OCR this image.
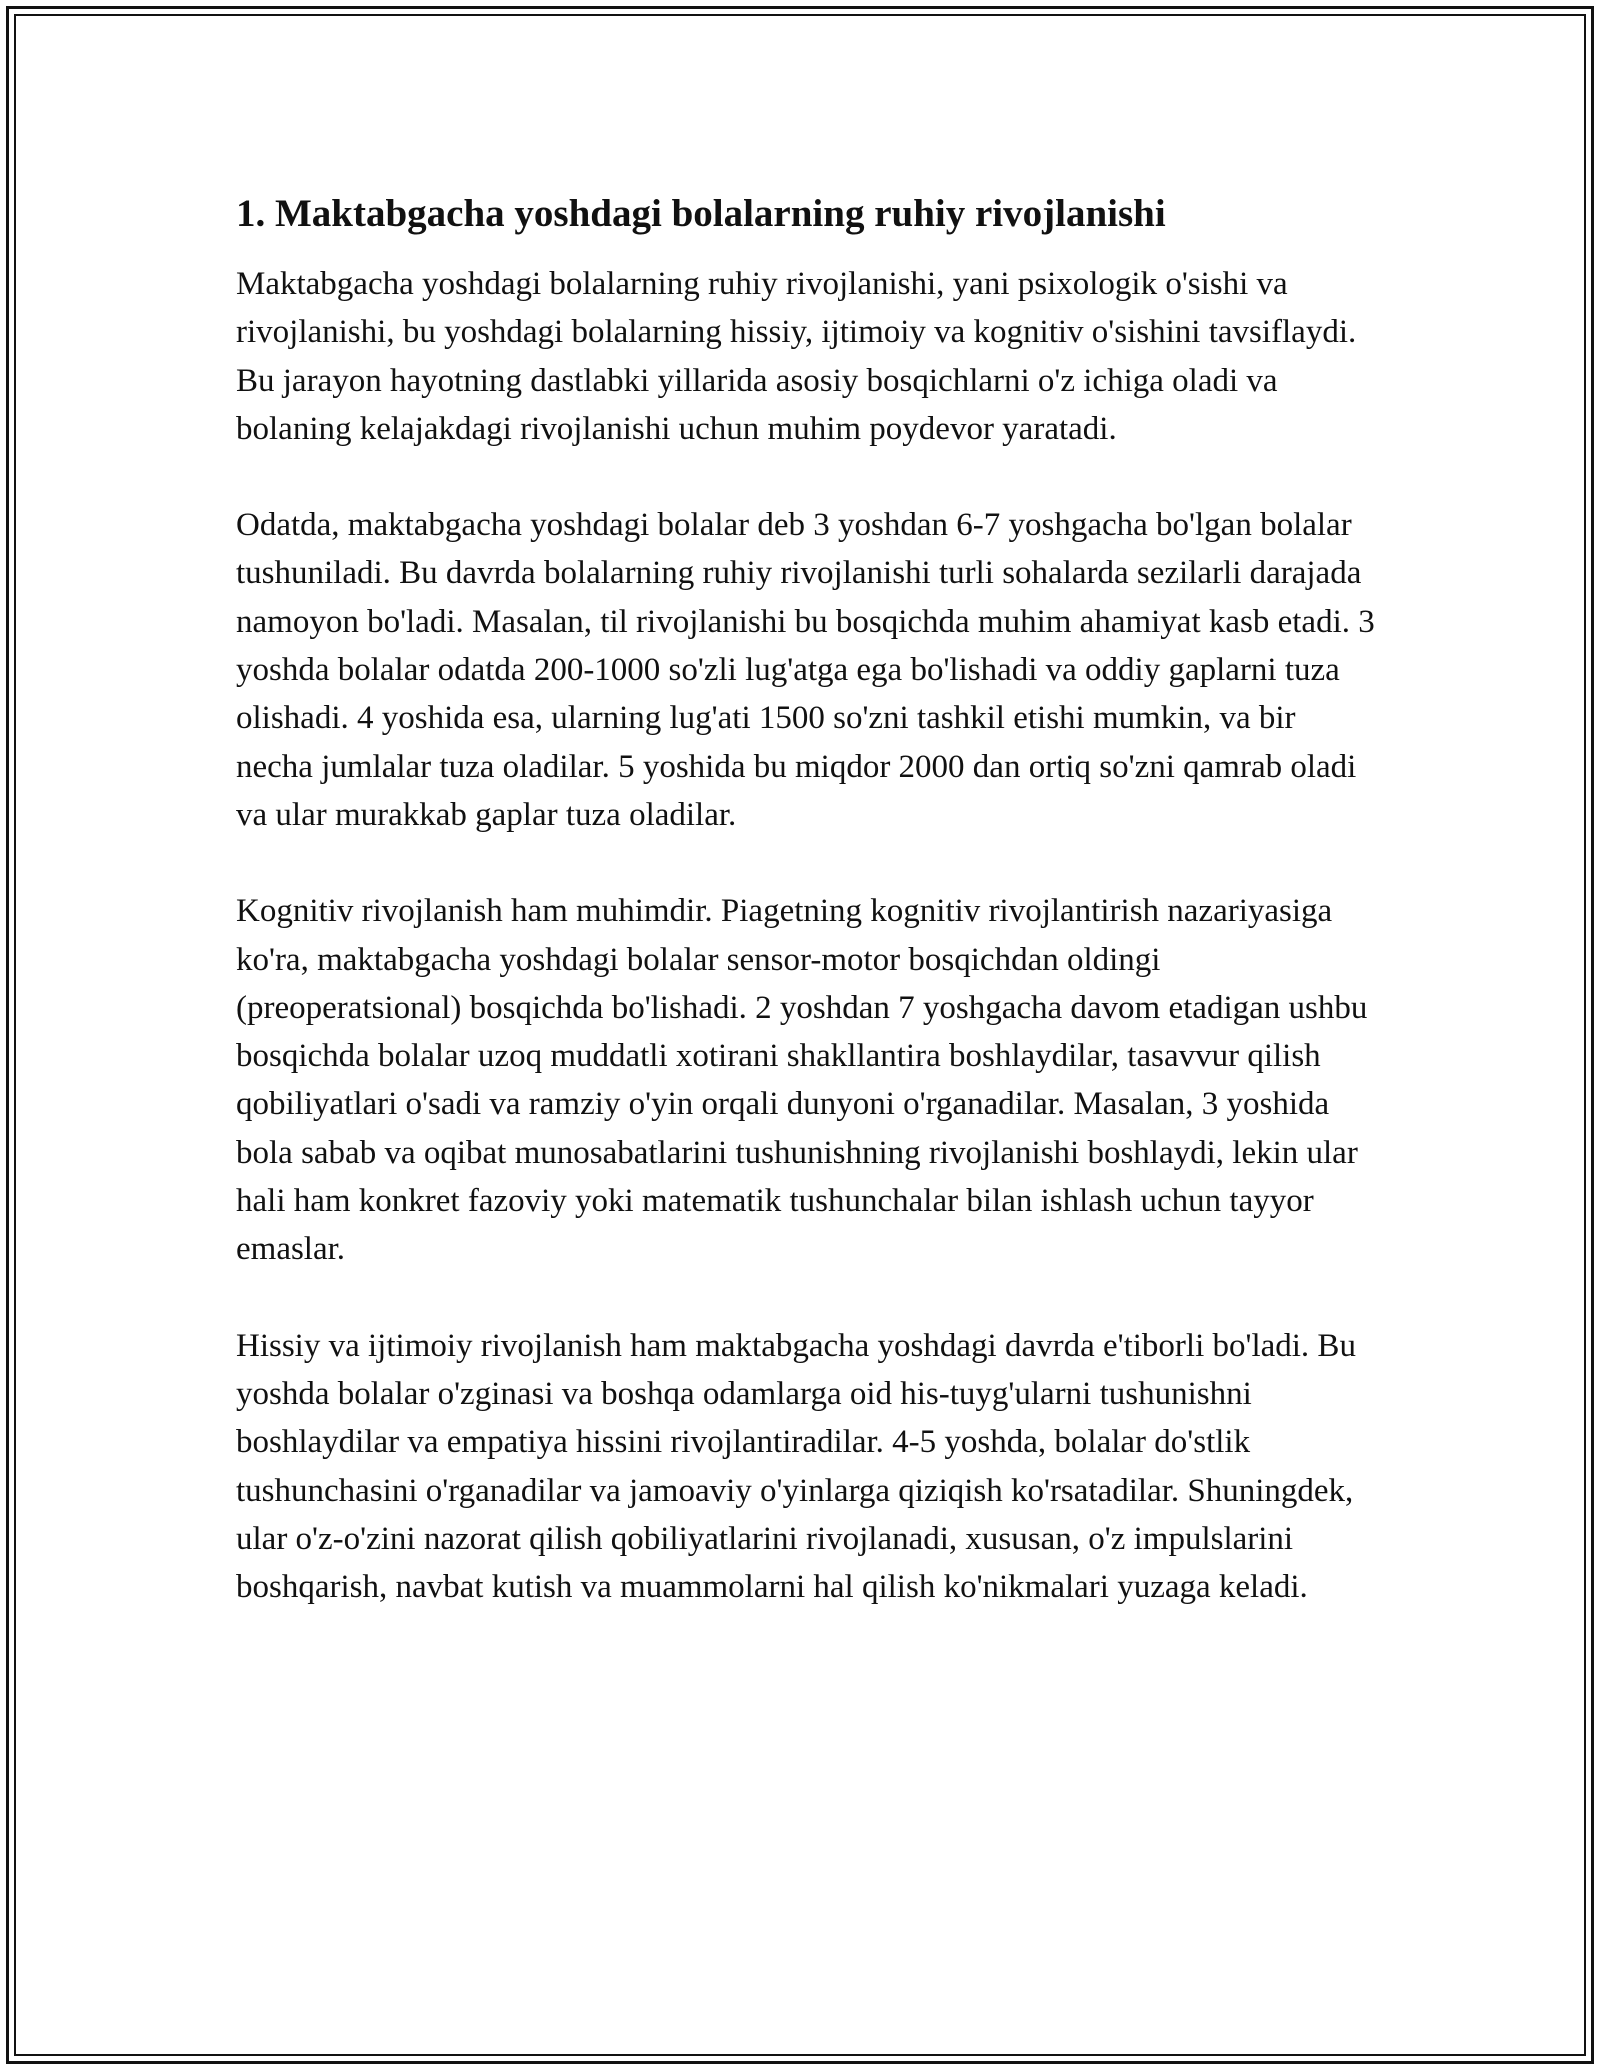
1. Maktabgacha yoshdagi bolalarning ruhiy rivojlanishi

Maktabgacha yoshdagi bolalarning ruhiy rivojlanishi, yani psixologik o'sishi va rivojlanishi, bu yoshdagi bolalarning hissiy, ijtimoiy va kognitiv o'sishini tavsiflaydi. Bu jarayon hayotning dastlabki yillarida asosiy bosqichlarni o'z ichiga oladi va bolaning kelajakdagi rivojlanishi uchun muhim poydevor yaratadi.

Odatda, maktabgacha yoshdagi bolalar deb 3 yoshdan 6-7 yoshgacha bo'lgan bolalar tushuniladi. Bu davrda bolalarning ruhiy rivojlanishi turli sohalarda sezilarli darajada namoyon bo'ladi. Masalan, til rivojlanishi bu bosqichda muhim ahamiyat kasb etadi. 3 yoshda bolalar odatda 200-1000 so'zli lug'atga ega bo'lishadi va oddiy gaplarni tuza olishadi. 4 yoshida esa, ularning lug'ati 1500 so'zni tashkil etishi mumkin, va bir necha jumlalar tuza oladilar. 5 yoshida bu miqdor 2000 dan ortiq so'zni qamrab oladi va ular murakkab gaplar tuza oladilar.

Kognitiv rivojlanish ham muhimdir. Piagetning kognitiv rivojlantirish nazariyasiga ko'ra, maktabgacha yoshdagi bolalar sensor-motor bosqichdan oldingi (preoperatsional) bosqichda bo'lishadi. 2 yoshdan 7 yoshgacha davom etadigan ushbu bosqichda bolalar uzoq muddatli xotirani shakllantira boshlaydilar, tasavvur qilish qobiliyatlari o'sadi va ramziy o'yin orqali dunyoni o'rganadilar. Masalan, 3 yoshida bola sabab va oqibat munosabatlarini tushunishning rivojlanishi boshlaydi, lekin ular hali ham konkret fazoviy yoki matematik tushunchalar bilan ishlash uchun tayyor emaslar.

Hissiy va ijtimoiy rivojlanish ham maktabgacha yoshdagi davrda e'tiborli bo'ladi. Bu yoshda bolalar o'zginasi va boshqa odamlarga oid his-tuyg'ularni tushunishni boshlaydilar va empatiya hissini rivojlantiradilar. 4-5 yoshda, bolalar do'stlik tushunchasini o'rganadilar va jamoaviy o'yinlarga qiziqish ko'rsatadilar. Shuningdek, ular o'z-o'zini nazorat qilish qobiliyatlarini rivojlanadi, xususan, o'z impulslarini boshqarish, navbat kutish va muammolarni hal qilish ko'nikmalari yuzaga keladi.
